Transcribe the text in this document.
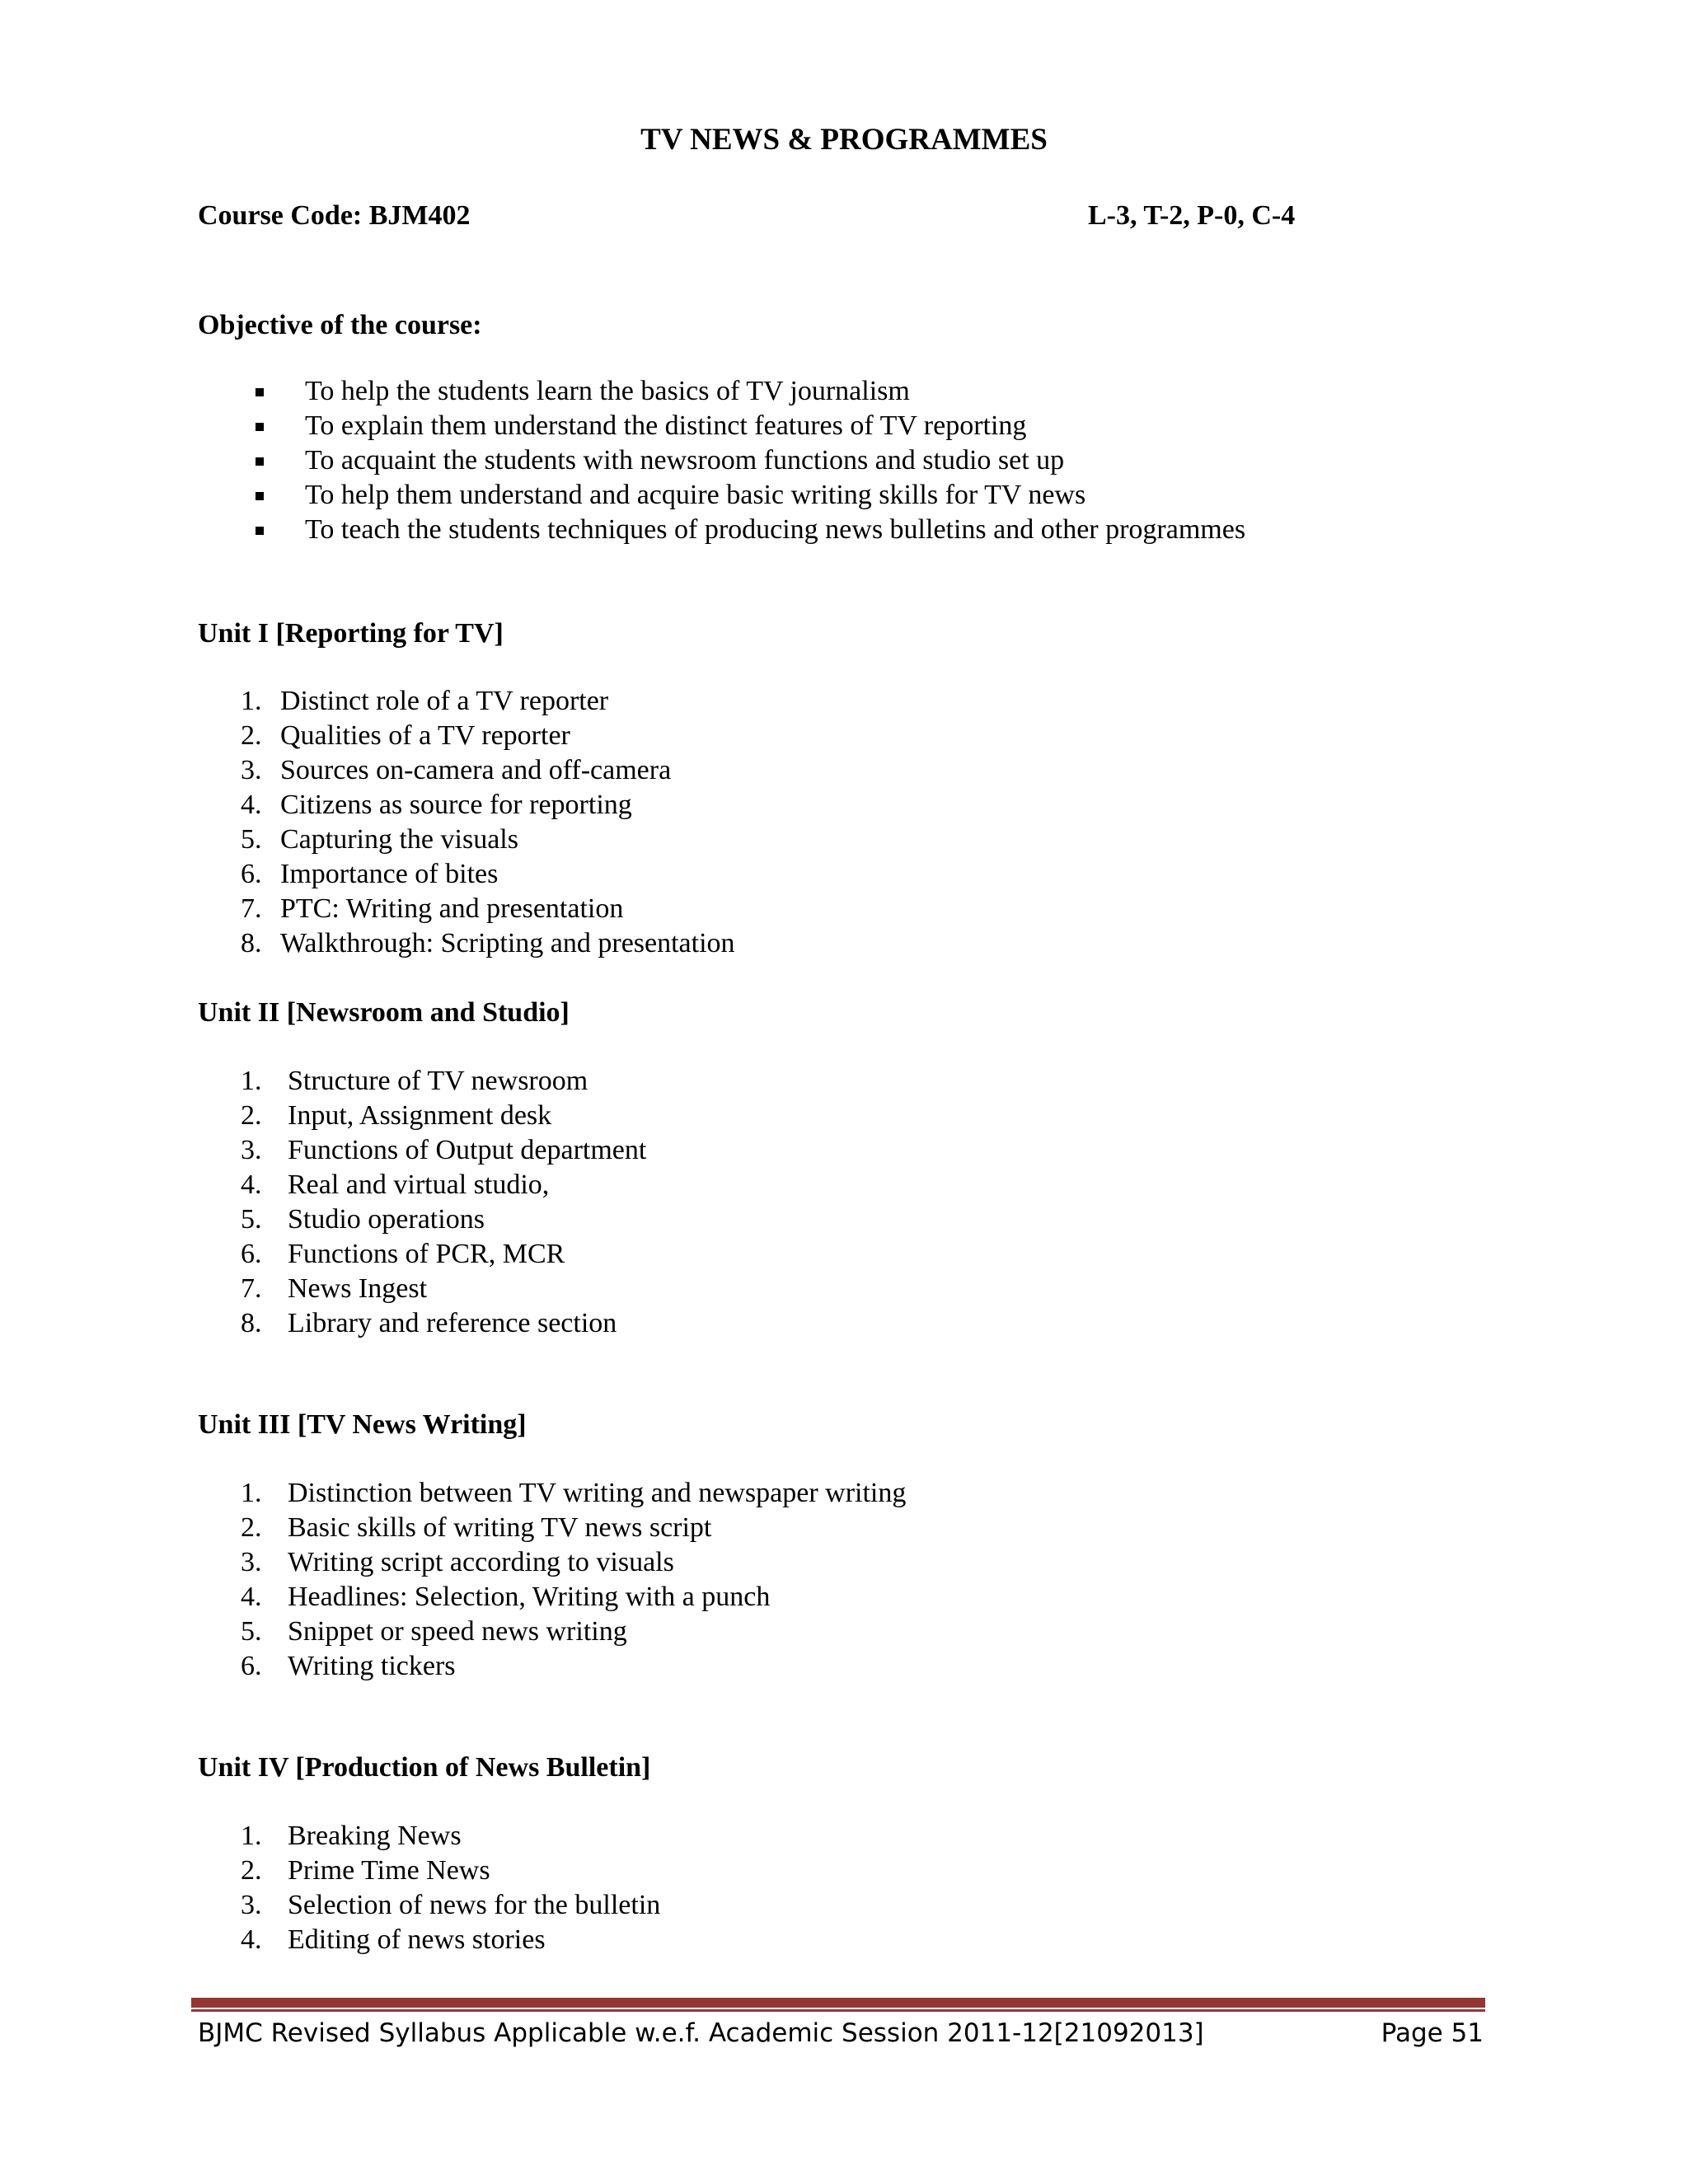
TV NEWS & PROGRAMMES
Course Code: BJM402	L-3, T-2, P-0, C-4
Objective of the course:
To help the students learn the basics of TV journalism
To explain them understand the distinct features of TV reporting
To acquaint the students with newsroom functions and studio set up
To help them understand and acquire basic writing skills for TV news
To teach the students techniques of producing news bulletins and other programmes
Unit I [Reporting for TV]
1. Distinct role of a TV reporter
2. Qualities of a TV reporter
3. Sources on-camera and off-camera
4. Citizens as source for reporting
5. Capturing the visuals
6. Importance of bites
7. PTC: Writing and presentation
8. Walkthrough: Scripting and presentation
Unit II [Newsroom and Studio]
1. Structure of TV newsroom
2. Input, Assignment desk
3. Functions of Output department
4. Real and virtual studio,
5. Studio operations
6. Functions of PCR, MCR
7. News Ingest
8. Library and reference section
Unit III [TV News Writing]
1. Distinction between TV writing and newspaper writing
2. Basic skills of writing TV news script
3. Writing script according to visuals
4. Headlines: Selection, Writing with a punch
5. Snippet or speed news writing
6. Writing tickers
Unit IV [Production of News Bulletin]
1. Breaking News
2. Prime Time News
3. Selection of news for the bulletin
4. Editing of news stories
BJMC Revised Syllabus Applicable w.e.f. Academic Session 2011-12[21092013]	Page 51
